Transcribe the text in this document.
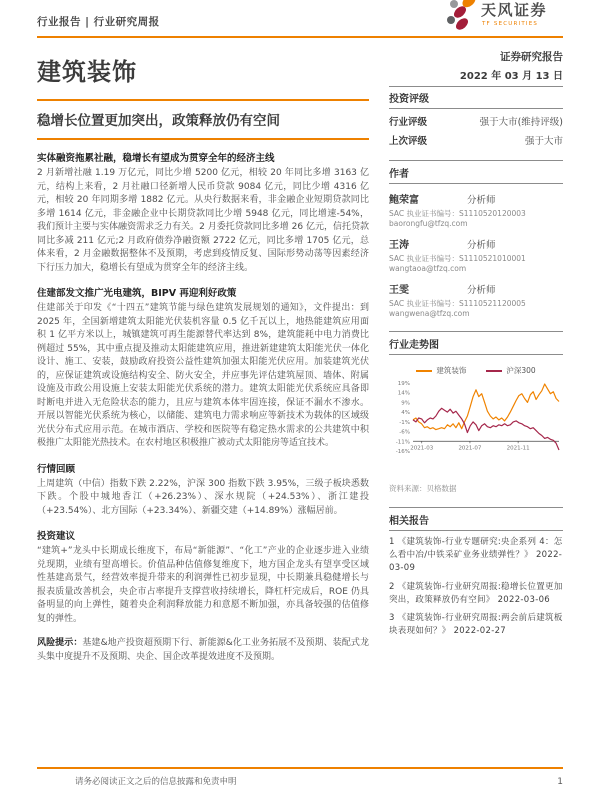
行业报告 | 行业研究周报
天风证券
TF SECURITIES
建筑装饰
稳增长位置更加突出，政策释放仍有空间
实体融资拖累社融，稳增长有望成为贯穿全年的经济主线

2 月新增社融 1.19 万亿元，同比少增 5200 亿元，相较 20 年同比多增 3163 亿元，结构上来看，2 月社融口径新增人民币贷款 9084 亿元，同比少增 4316 亿元，相较 20 年同期多增 1882 亿元。从央行数据来看，非金融企业短期贷款同比多增 1614 亿元，非金融企业中长期贷款同比少增 5948 亿元，同比增速-54%，我们预计主要与实体融资需求乏力有关。2 月委托贷款同比多增 26 亿元，信托贷款同比多减 211 亿元;2 月政府债券净融资额 2722 亿元，同比多增 1705 亿元，总体来看，2 月金融数据整体不及预期，考虑到疫情反复、国际形势动荡等因素经济下行压力加大，稳增长有望成为贯穿全年的经济主线。

住建部发文推广光电建筑，BIPV 再迎利好政策

住建部关于印发《“十四五”建筑节能与绿色建筑发展规划的通知》，文件提出：到 2025 年，全国新增建筑太阳能光伏装机容量 0.5 亿千瓦以上，地热能建筑应用面积 1 亿平方米以上，城镇建筑可再生能源替代率达到 8%，建筑能耗中电力消费比例超过 55%，其中重点提及推动太阳能建筑应用，推进新建建筑太阳能光伏一体化设计、施工、安装，鼓励政府投资公益性建筑加强太阳能光伏应用。加装建筑光伏的，应保证建筑或设施结构安全、防火安全，并应事先评估建筑屋顶、墙体、附属设施及市政公用设施上安装太阳能光伏系统的潜力。建筑太阳能光伏系统应具备即时断电并进入无危险状态的能力，且应与建筑本体牢固连接，保证不漏水不渗水。开展以智能光伏系统为核心，以储能、建筑电力需求响应等新技术为载体的区域级光伏分布式应用示范。在城市酒店、学校和医院等有稳定热水需求的公共建筑中积极推广太阳能光热技术。在农村地区积极推广被动式太阳能房等适宜技术。

行情回顾

上周建筑（中信）指数下跌 2.22%，沪深 300 指数下跌 3.95%，三级子板块悉数下跌。个股中城地香江（+26.23%）、深水规院（+24.53%）、浙江建投（+23.54%）、北方国际（+23.34%）、新疆交建（+14.89%）涨幅居前。

投资建议

“建筑+”龙头中长期成长维度下，布局“新能源”、“化工”产业的企业逐步进入业绩兑现期，业绩有望高增长。价值品种估值修复维度下，地方国企龙头有望享受区域性基建高景气，经营效率提升带来的利润弹性已初步显现，中长期兼具稳健增长与报表质量改善机会，央企市占率提升支撑营收持续增长，降杠杆完成后，ROE 仍具备明显的向上弹性，随着央企利润释放能力和意愿不断加强，亦具备较强的估值修复的弹性。

风险提示：基建&地产投资超预期下行、新能源&化工业务拓展不及预期、装配式龙头集中度提升不及预期、央企、国企改革提效进度不及预期。

证券研究报告
2022 年 03 月 13 日
投资评级
行业评级	强于大市(维持评级)
上次评级	强于大市
作者
鲍荣富	分析师
SAC 执业证书编号：S1110520120003
baorongfu@tfzq.com
王涛	分析师
SAC 执业证书编号：S1110521010001
wangtaoa@tfzq.com
王雯	分析师
SAC 执业证书编号：S1110521120005
wangwena@tfzq.com
行业走势图
建筑装饰	沪深300
19%
14%
9%
4%
-1%
-6%
-11%
-16%
2021-03	2021-07	2021-11
资料来源：贝格数据
相关报告
1 《建筑装饰-行业专题研究:央企系列 4：怎么看中冶/中铁采矿业务业绩弹性？》 2022-03-09
2 《建筑装饰-行业研究周报:稳增长位置更加突出，政策释放仍有空间》 2022-03-06
3 《建筑装饰-行业研究周报:两会前后建筑板块表现如何？》 2022-02-27
请务必阅读正文之后的信息披露和免责申明	1
